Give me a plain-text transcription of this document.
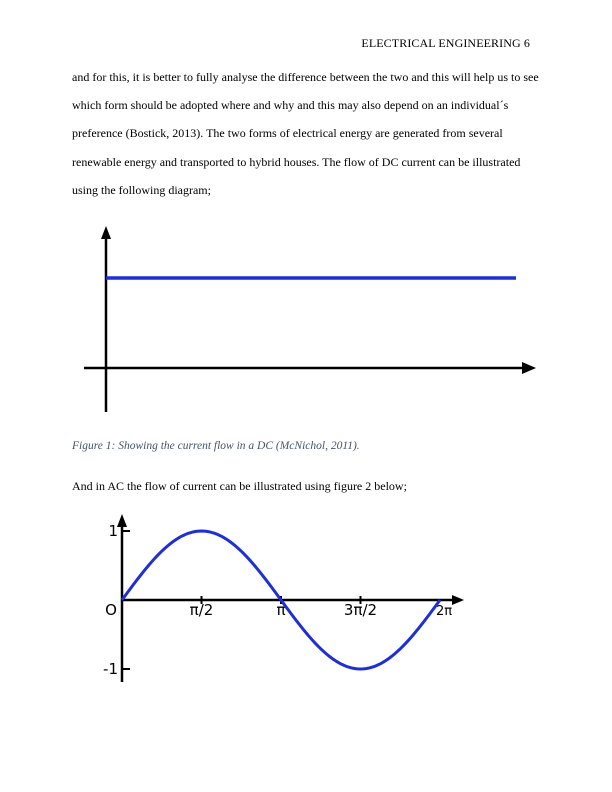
ELECTRICAL ENGINEERING 6

and for this, it is better to fully analyse the difference between the two and this will help us to see
which form should be adopted where and why and this may also depend on an individual´s
preference (Bostick, 2013). The two forms of electrical energy are generated from several
renewable energy and transported to hybrid houses. The flow of DC current can be illustrated
using the following diagram;

Figure 1: Showing the current flow in a DC (McNichol, 2011).

And in AC the flow of current can be illustrated using figure 2 below;

O	π/2	π	3π/2	2π
1
-1
